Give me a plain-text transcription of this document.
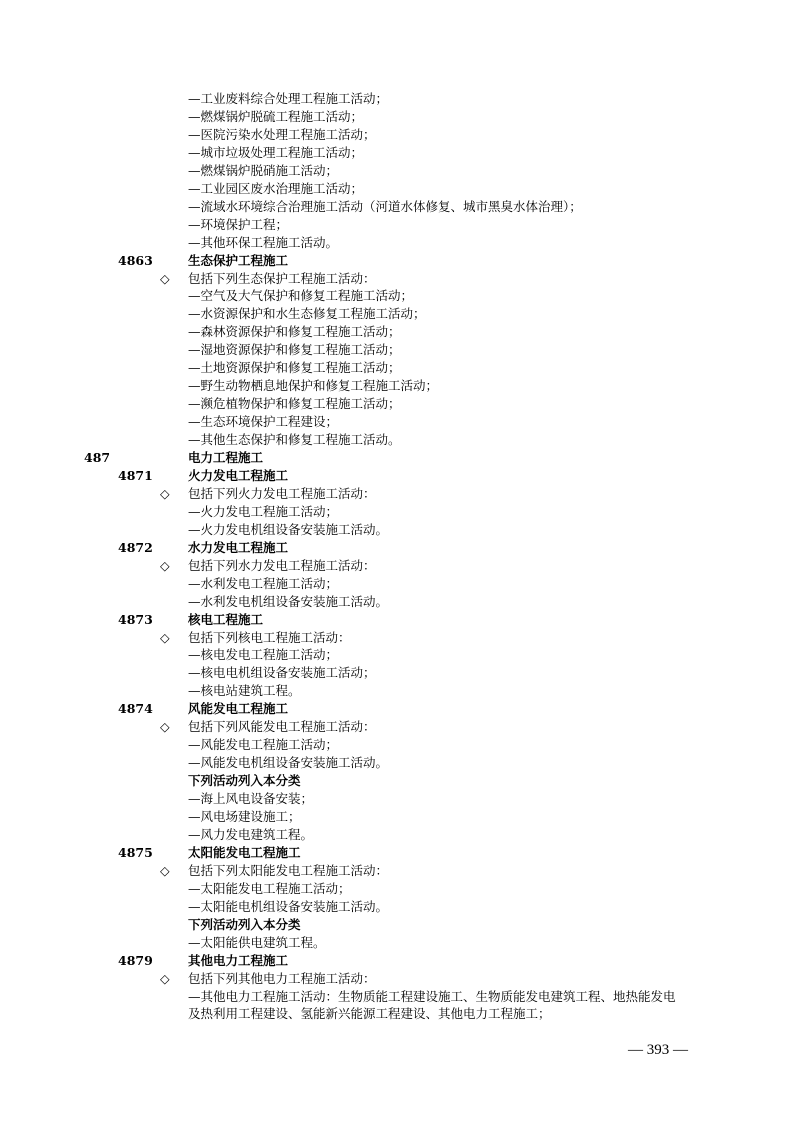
—工业废料综合处理工程施工活动；
—燃煤锅炉脱硫工程施工活动；
—医院污染水处理工程施工活动；
—城市垃圾处理工程施工活动；
—燃煤锅炉脱硝施工活动；
—工业园区废水治理施工活动；
—流域水环境综合治理施工活动（河道水体修复、城市黑臭水体治理）；
—环境保护工程；
—其他环保工程施工活动。
4863	生态保护工程施工
◇ 包括下列生态保护工程施工活动：
—空气及大气保护和修复工程施工活动；
—水资源保护和水生态修复工程施工活动；
—森林资源保护和修复工程施工活动；
—湿地资源保护和修复工程施工活动；
—土地资源保护和修复工程施工活动；
—野生动物栖息地保护和修复工程施工活动；
—濒危植物保护和修复工程施工活动；
—生态环境保护工程建设；
—其他生态保护和修复工程施工活动。
487	电力工程施工
4871	火力发电工程施工
◇ 包括下列火力发电工程施工活动：
—火力发电工程施工活动；
—火力发电机组设备安装施工活动。
4872	水力发电工程施工
◇ 包括下列水力发电工程施工活动：
—水利发电工程施工活动；
—水利发电机组设备安装施工活动。
4873	核电工程施工
◇ 包括下列核电工程施工活动：
—核电发电工程施工活动；
—核电电机组设备安装施工活动；
—核电站建筑工程。
4874	风能发电工程施工
◇ 包括下列风能发电工程施工活动：
—风能发电工程施工活动；
—风能发电机组设备安装施工活动。
下列活动列入本分类
—海上风电设备安装；
—风电场建设施工；
—风力发电建筑工程。
4875	太阳能发电工程施工
◇ 包括下列太阳能发电工程施工活动：
—太阳能发电工程施工活动；
—太阳能电机组设备安装施工活动。
下列活动列入本分类
—太阳能供电建筑工程。
4879	其他电力工程施工
◇ 包括下列其他电力工程施工活动：
—其他电力工程施工活动：生物质能工程建设施工、生物质能发电建筑工程、地热能发电
及热利用工程建设、氢能新兴能源工程建设、其他电力工程施工；
— 393 —
